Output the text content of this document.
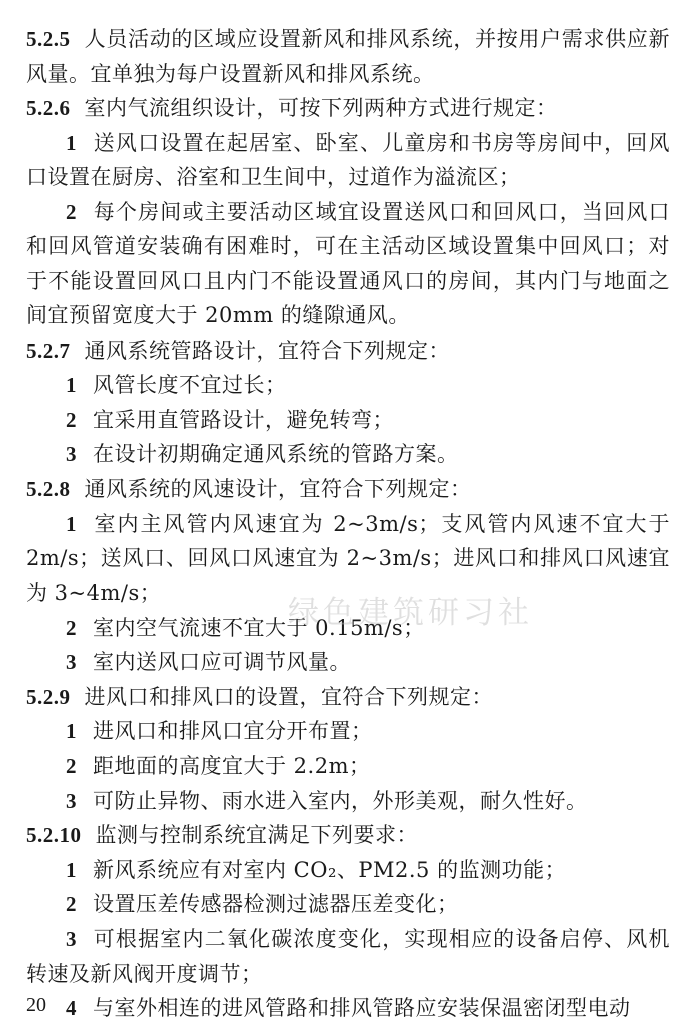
5.2.5 人员活动的区域应设置新风和排风系统，并按用户需求供应新风量。宜单独为每户设置新风和排风系统。

5.2.6 室内气流组织设计，可按下列两种方式进行规定：

1 送风口设置在起居室、卧室、儿童房和书房等房间中，回风口设置在厨房、浴室和卫生间中，过道作为溢流区；

2 每个房间或主要活动区域宜设置送风口和回风口，当回风口和回风管道安装确有困难时，可在主活动区域设置集中回风口；对于不能设置回风口且内门不能设置通风口的房间，其内门与地面之间宜预留宽度大于 20mm 的缝隙通风。

5.2.7 通风系统管路设计，宜符合下列规定：

1 风管长度不宜过长；

2 宜采用直管路设计，避免转弯；

3 在设计初期确定通风系统的管路方案。

5.2.8 通风系统的风速设计，宜符合下列规定：

1 室内主风管内风速宜为 2~3m/s；支风管内风速不宜大于 2m/s；送风口、回风口风速宜为 2~3m/s；进风口和排风口风速宜为 3~4m/s；

2 室内空气流速不宜大于 0.15m/s；

3 室内送风口应可调节风量。

5.2.9 进风口和排风口的设置，宜符合下列规定：

1 进风口和排风口宜分开布置；

2 距地面的高度宜大于 2.2m；

3 可防止异物、雨水进入室内，外形美观，耐久性好。

5.2.10 监测与控制系统宜满足下列要求：

1 新风系统应有对室内 CO₂、PM2.5 的监测功能；

2 设置压差传感器检测过滤器压差变化；

3 可根据室内二氧化碳浓度变化，实现相应的设备启停、风机转速及新风阀开度调节；

4 与室外相连的进风管路和排风管路应安装保温密闭型电动

绿色建筑研习社
20
